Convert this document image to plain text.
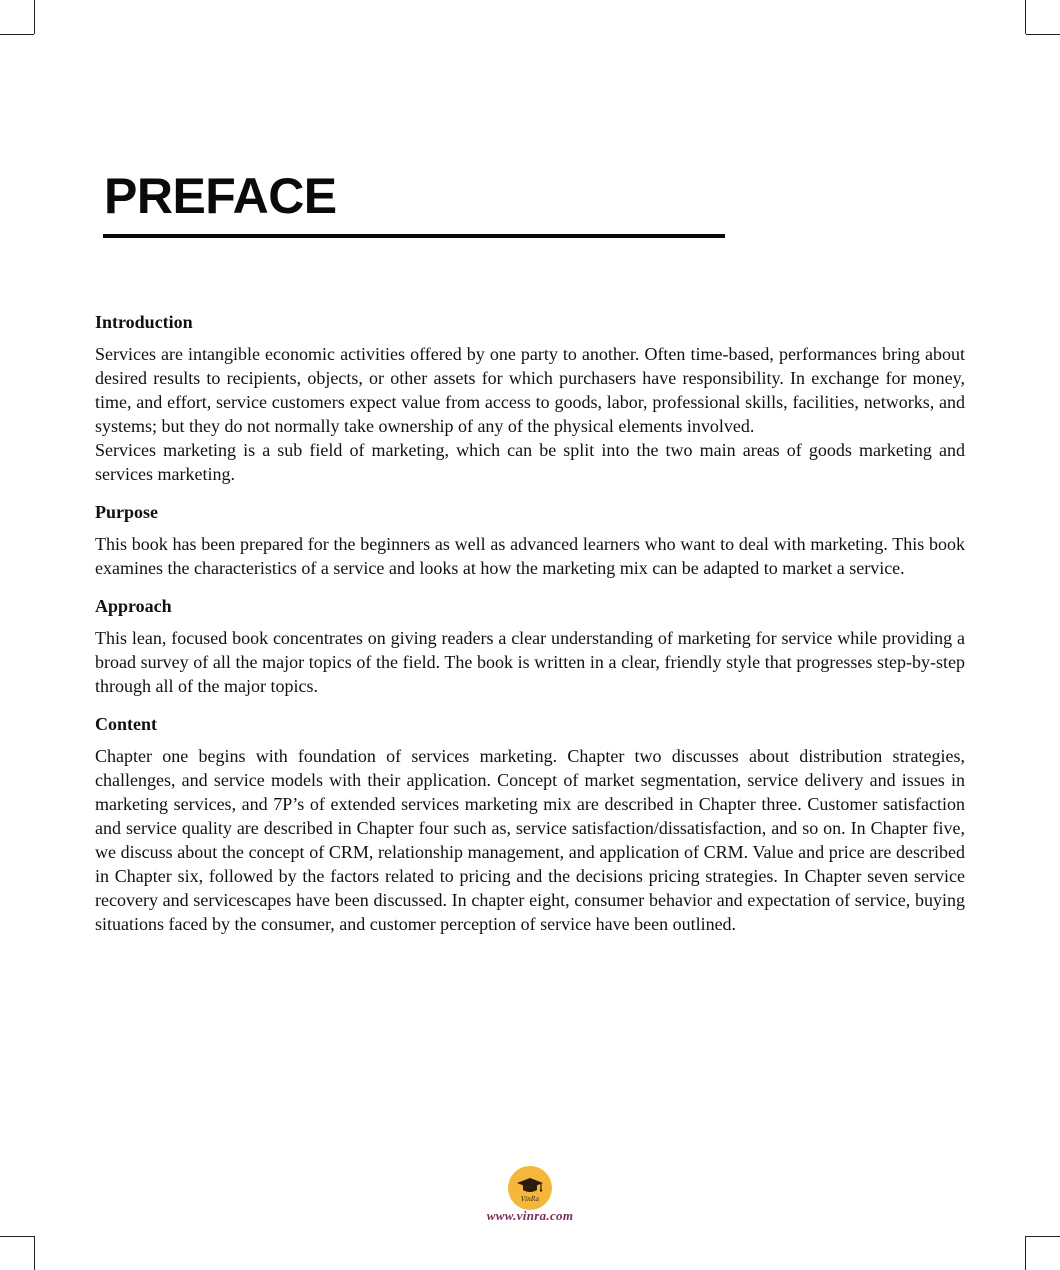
PREFACE
Introduction

Services are intangible economic activities offered by one party to another. Often time-based, performances bring about desired results to recipients, objects, or other assets for which purchasers have responsibility. In exchange for money, time, and effort, service customers expect value from access to goods, labor, professional skills, facilities, networks, and systems; but they do not normally take ownership of any of the physical elements involved.

Services marketing is a sub field of marketing, which can be split into the two main areas of goods marketing and services marketing.

Purpose

This book has been prepared for the beginners as well as advanced learners who want to deal with marketing. This book examines the characteristics of a service and looks at how the marketing mix can be adapted to market a service.

Approach

This lean, focused book concentrates on giving readers a clear understanding of marketing for service while providing a broad survey of all the major topics of the field. The book is written in a clear, friendly style that progresses step-by-step through all of the major topics.

Content

Chapter one begins with foundation of services marketing. Chapter two discusses about distribution strategies, challenges, and service models with their application. Concept of market segmentation, service delivery and issues in marketing services, and 7P’s of extended services marketing mix are described in Chapter three. Customer satisfaction and service quality are described in Chapter four such as, service satisfaction/dissatisfaction, and so on. In Chapter five, we discuss about the concept of CRM, relationship management, and application of CRM. Value and price are described in Chapter six, followed by the factors related to pricing and the decisions pricing strategies. In Chapter seven service recovery and servicescapes have been discussed. In chapter eight, consumer behavior and expectation of service, buying situations faced by the consumer, and customer perception of service have been outlined.

VinRa
www.vinra.com
